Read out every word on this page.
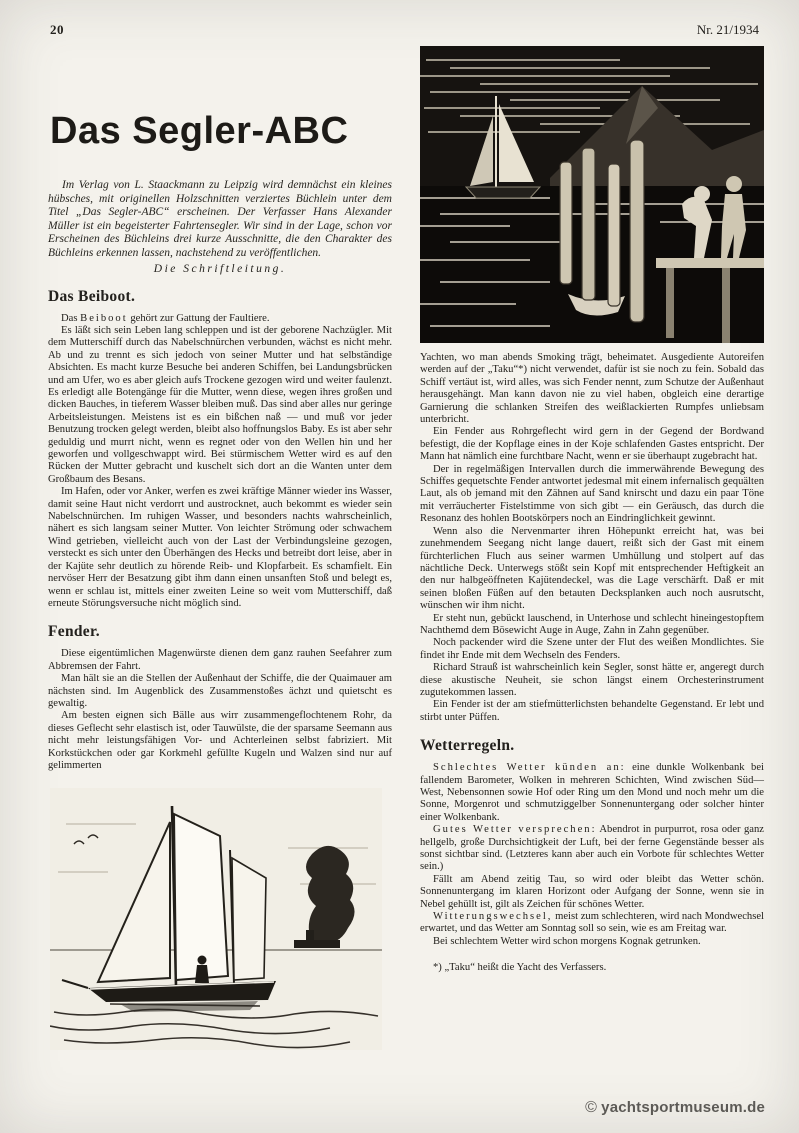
20	Nr. 21/1934
Das Segler-ABC

Im Verlag von L. Staackmann zu Leipzig wird demnächst ein kleines hübsches, mit originellen Holzschnitten verziertes Büchlein unter dem Titel „Das Segler-ABC“ erscheinen. Der Verfasser Hans Alexander Müller ist ein begeisterter Fahrtensegler. Wir sind in der Lage, schon vor Erscheinen des Büchleins drei kurze Ausschnitte, die den Charakter des Büchleins erkennen lassen, nachstehend zu veröffentlichen.

Die Schriftleitung.

Das Beiboot.

Das Beiboot gehört zur Gattung der Faultiere.

Es läßt sich sein Leben lang schleppen und ist der geborene Nachzügler. Mit dem Mutterschiff durch das Nabelschnürchen verbunden, wächst es nicht mehr. Ab und zu trennt es sich jedoch von seiner Mutter und hat selbständige Absichten. Es macht kurze Besuche bei anderen Schiffen, bei Landungsbrücken und am Ufer, wo es aber gleich aufs Trockene gezogen wird und weiter faulenzt. Es erledigt alle Botengänge für die Mutter, wenn diese, wegen ihres großen und dicken Bauches, in tieferem Wasser bleiben muß. Das sind aber alles nur geringe Arbeitsleistungen. Meistens ist es ein bißchen naß — und muß vor jeder Benutzung trocken gelegt werden, bleibt also hoffnungslos Baby. Es ist aber sehr geduldig und murrt nicht, wenn es regnet oder von den Wellen hin und her geworfen und vollgeschwappt wird. Bei stürmischem Wetter wird es auf den Rücken der Mutter gebracht und kuschelt sich dort an die Wanten unter dem Großbaum des Besans.

Im Hafen, oder vor Anker, werfen es zwei kräftige Männer wieder ins Wasser, damit seine Haut nicht verdorrt und austrocknet, auch bekommt es wieder sein Nabelschnürchen. Im ruhigen Wasser, und besonders nachts wahrscheinlich, nähert es sich langsam seiner Mutter. Von leichter Strömung oder schwachem Wind getrieben, vielleicht auch von der Last der Verbindungsleine gezogen, versteckt es sich unter den Überhängen des Hecks und betreibt dort leise, aber in der Kajüte sehr deutlich zu hörende Reib- und Klopfarbeit. Es schamfielt. Ein nervöser Herr der Besatzung gibt ihm dann einen unsanften Stoß und belegt es, wenn er schlau ist, mittels einer zweiten Leine so weit vom Mutterschiff, daß erneute Störungsversuche nicht möglich sind.

Fender.

Diese eigentümlichen Magenwürste dienen dem ganz rauhen Seefahrer zum Abbremsen der Fahrt.

Man hält sie an die Stellen der Außenhaut der Schiffe, die der Quaimauer am nächsten sind. Im Augenblick des Zusammenstoßes ächzt und quietscht es gewaltig.

Am besten eignen sich Bälle aus wirr zusammengeflochtenem Rohr, da dieses Geflecht sehr elastisch ist, oder Tauwülste, die der sparsame Seemann aus nicht mehr leistungsfähigen Vor- und Achterleinen selbst fabriziert. Mit Korkstückchen oder gar Korkmehl gefüllte Kugeln und Walzen sind nur auf gelimmerten

Yachten, wo man abends Smoking trägt, beheimatet. Ausgediente Autoreifen werden auf der „Taku“*) nicht verwendet, dafür ist sie noch zu fein. Sobald das Schiff vertäut ist, wird alles, was sich Fender nennt, zum Schutze der Außenhaut herausgehängt. Man kann davon nie zu viel haben, obgleich eine derartige Garnierung die schlanken Streifen des weißlackierten Rumpfes unliebsam unterbricht.

Ein Fender aus Rohrgeflecht wird gern in der Gegend der Bordwand befestigt, die der Kopflage eines in der Koje schlafenden Gastes entspricht. Der Mann hat nämlich eine furchtbare Nacht, wenn er sie überhaupt zugebracht hat.

Der in regelmäßigen Intervallen durch die immerwährende Bewegung des Schiffes gequetschte Fender antwortet jedesmal mit einem infernalisch gequälten Laut, als ob jemand mit den Zähnen auf Sand knirscht und dazu ein paar Töne mit verräucherter Fistelstimme von sich gibt — ein Geräusch, das durch die Resonanz des hohlen Bootskörpers noch an Eindringlichkeit gewinnt.

Wenn also die Nervenmarter ihren Höhepunkt erreicht hat, was bei zunehmendem Seegang nicht lange dauert, reißt sich der Gast mit einem fürchterlichen Fluch aus seiner warmen Umhüllung und stolpert auf das nächtliche Deck. Unterwegs stößt sein Kopf mit entsprechender Heftigkeit an den nur halbgeöffneten Kajütendeckel, was die Lage verschärft. Daß er mit seinen bloßen Füßen auf den betauten Decksplanken auch noch ausrutscht, wünschen wir ihm nicht.

Er steht nun, gebückt lauschend, in Unterhose und schlecht hineingestopftem Nachthemd dem Bösewicht Auge in Auge, Zahn in Zahn gegenüber.

Noch packender wird die Szene unter der Flut des weißen Mondlichtes. Sie findet ihr Ende mit dem Wechseln des Fenders.

Richard Strauß ist wahrscheinlich kein Segler, sonst hätte er, angeregt durch diese akustische Neuheit, sie schon längst einem Orchesterinstrument zugutekommen lassen.

Ein Fender ist der am stiefmütterlichsten behandelte Gegenstand. Er lebt und stirbt unter Püffen.

Wetterregeln.

Schlechtes Wetter künden an: eine dunkle Wolkenbank bei fallendem Barometer, Wolken in mehreren Schichten, Wind zwischen Süd—West, Nebensonnen sowie Hof oder Ring um den Mond und noch mehr um die Sonne, Morgenrot und schmutziggelber Sonnenuntergang oder solcher hinter einer Wolkenbank.

Gutes Wetter versprechen: Abendrot in purpurrot, rosa oder ganz hellgelb, große Durchsichtigkeit der Luft, bei der ferne Gegenstände besser als sonst sichtbar sind. (Letzteres kann aber auch ein Vorbote für schlechtes Wetter sein.)

Fällt am Abend zeitig Tau, so wird oder bleibt das Wetter schön. Sonnenuntergang im klaren Horizont oder Aufgang der Sonne, wenn sie in Nebel gehüllt ist, gilt als Zeichen für schönes Wetter.

Witterungswechsel, meist zum schlechteren, wird nach Mondwechsel erwartet, und das Wetter am Sonntag soll so sein, wie es am Freitag war.

Bei schlechtem Wetter wird schon morgens Kognak getrunken.

*) „Taku“ heißt die Yacht des Verfassers.

© yachtsportmuseum.de
